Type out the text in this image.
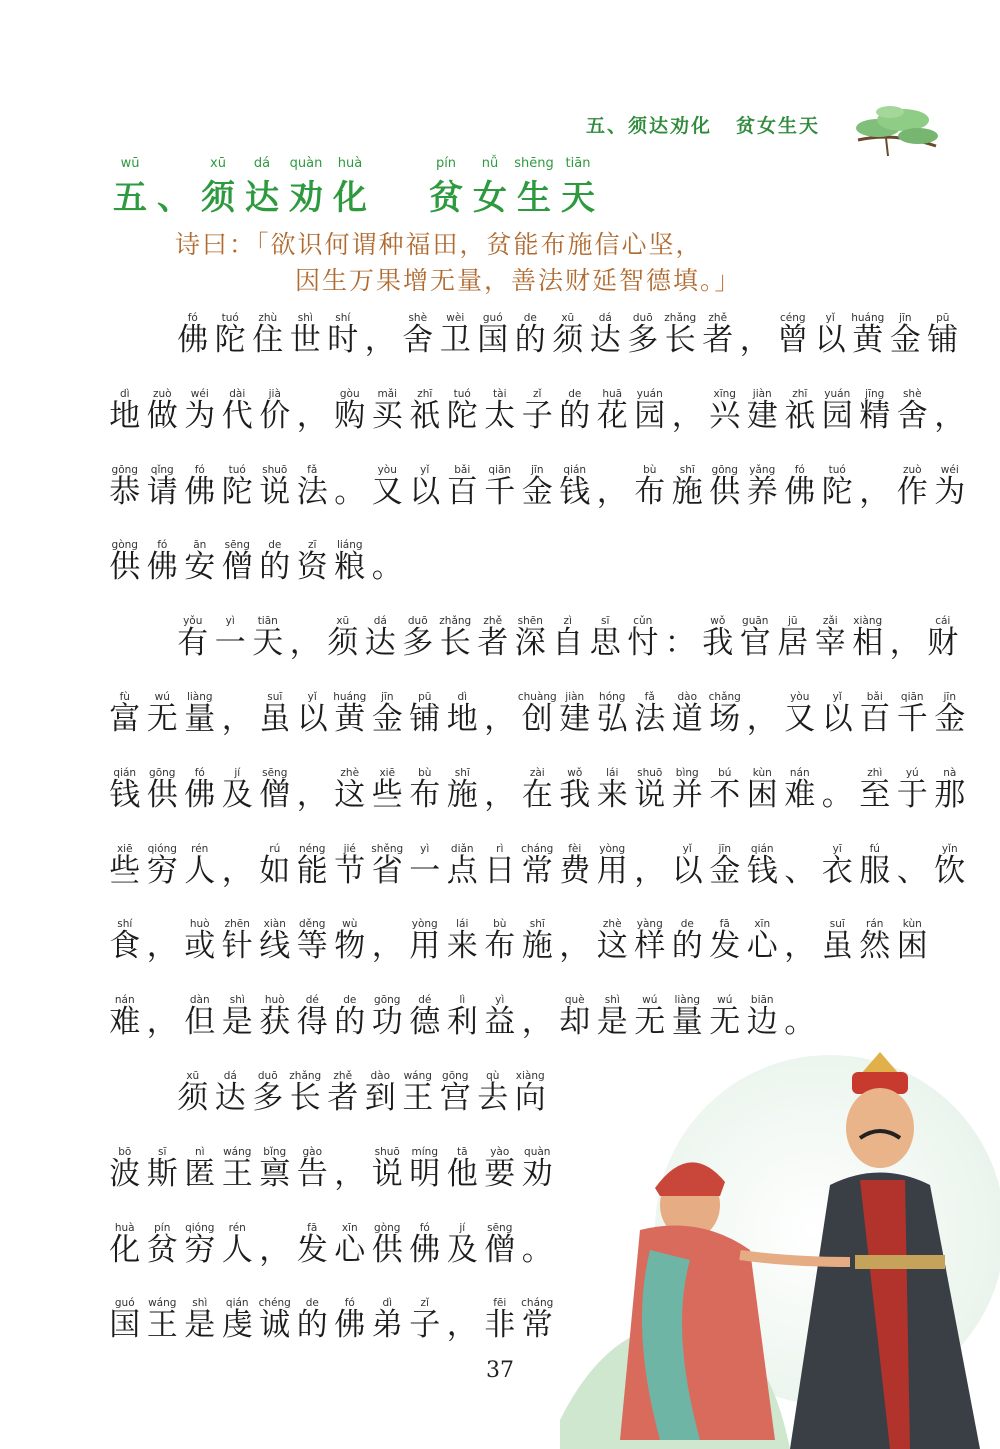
五、须达劝化 贫女生天
wū
五 、
xū
须
dá
达
quàn
劝
huà
化
pín
贫
nǚ
女
shēng
生
tiān
天
诗曰：「欲识何谓种福田，贫能布施信心坚，
因生万果增无量，善法财延智德填。」
fó
佛
tuó
陀
zhù
住
shì
世
shí
时 ，
shè
舍
wèi
卫
guó
国
de
的
xū
须
dá
达
duō
多
zhǎng
长
zhě
者 ，
céng
曾
yǐ
以
huáng
黄
jīn
金
pū
铺
dì
地
zuò
做
wéi
为
dài
代
jià
价 ，
gòu
购
mǎi
买
zhī
祇
tuó
陀
tài
太
zǐ
子
de
的
huā
花
yuán
园 ，
xīng
兴
jiàn
建
zhī
祇
yuán
园
jīng
精
shè
舍 ，
gōng
恭
qǐng
请
fó
佛
tuó
陀
shuō
说
fǎ
法 。
yòu
又
yǐ
以
bǎi
百
qiān
千
jīn
金
qián
钱 ，
bù
布
shī
施
gōng
供
yǎng
养
fó
佛
tuó
陀 ，
zuò
作
wéi
为
gòng
供
fó
佛
ān
安
sēng
僧
de
的
zī
资
liáng
粮 。
yǒu
有
yì
一
tiān
天 ，
xū
须
dá
达
duō
多
zhǎng
长
zhě
者
shēn
深
zì
自
sī
思
cǔn
忖 ：
wǒ
我
guān
官
jū
居
zǎi
宰
xiàng
相 ，
cái
财
fù
富
wú
无
liàng
量 ，
suī
虽
yǐ
以
huáng
黄
jīn
金
pū
铺
dì
地 ，
chuàng
创
jiàn
建
hóng
弘
fǎ
法
dào
道
chǎng
场 ，
yòu
又
yǐ
以
bǎi
百
qiān
千
jīn
金
qián
钱
gōng
供
fó
佛
jí
及
sēng
僧 ，
zhè
这
xiē
些
bù
布
shī
施 ，
zài
在
wǒ
我
lái
来
shuō
说
bìng
并
bú
不
kùn
困
nán
难 。
zhì
至
yú
于
nà
那
xiē
些
qióng
穷
rén
人 ，
rú
如
néng
能
jié
节
shěng
省
yì
一
diǎn
点
rì
日
cháng
常
fèi
费
yòng
用 ，
yǐ
以
jīn
金
qián
钱 、
yī
衣
fú
服 、
yǐn
饮
shí
食 ，
huò
或
zhēn
针
xiàn
线
děng
等
wù
物 ，
yòng
用
lái
来
bù
布
shī
施 ，
zhè
这
yàng
样
de
的
fā
发
xīn
心 ，
suī
虽
rán
然
kùn
困
nán
难 ，
dàn
但
shì
是
huò
获
dé
得
de
的
gōng
功
dé
德
lì
利
yì
益 ，
què
却
shì
是
wú
无
liàng
量
wú
无
biān
边 。
xū
须
dá
达
duō
多
zhǎng
长
zhě
者
dào
到
wáng
王
gōng
宫
qù
去
xiàng
向
bō
波
sī
斯
nì
匿
wáng
王
bǐng
禀
gào
告 ，
shuō
说
míng
明
tā
他
yào
要
quàn
劝
huà
化
pín
贫
qióng
穷
rén
人 ，
fā
发
xīn
心
gòng
供
fó
佛
jí
及
sēng
僧 。
guó
国
wáng
王
shì
是
qián
虔
chéng
诚
de
的
fó
佛
dì
弟
zǐ
子 ，
fēi
非
cháng
常
37
